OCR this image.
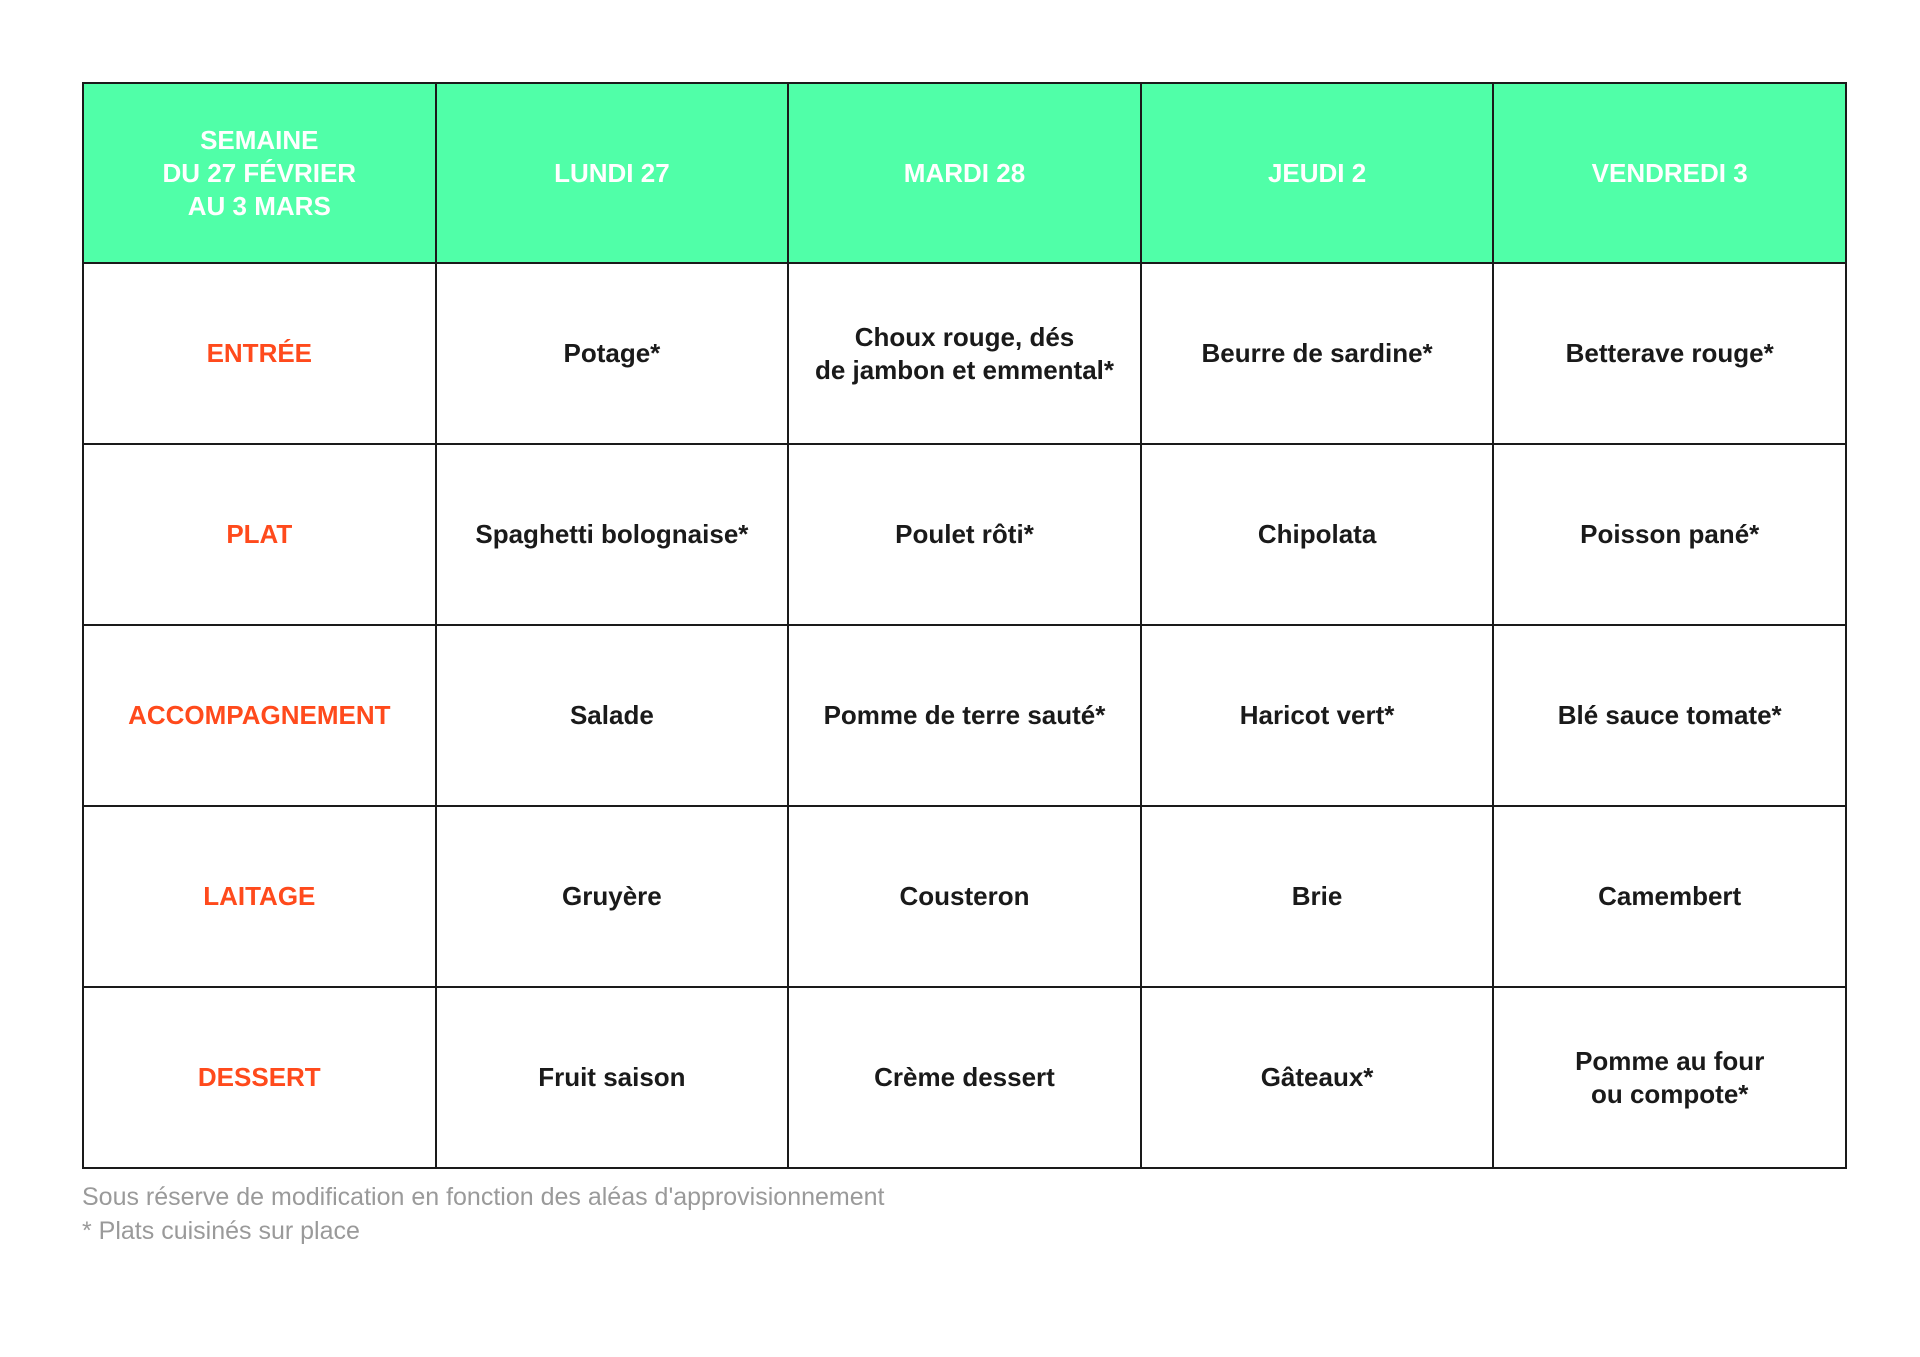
SEMAINE
DU 27 FÉVRIER
AU 3 MARS	LUNDI 27	MARDI 28	JEUDI 2	VENDREDI 3
ENTRÉE	Potage*	Choux rouge, dés
de jambon et emmental*	Beurre de sardine*	Betterave rouge*
PLAT	Spaghetti bolognaise*	Poulet rôti*	Chipolata	Poisson pané*
ACCOMPAGNEMENT	Salade	Pomme de terre sauté*	Haricot vert*	Blé sauce tomate*
LAITAGE	Gruyère	Cousteron	Brie	Camembert
DESSERT	Fruit saison	Crème dessert	Gâteaux*	Pomme au four
ou compote*
Sous réserve de modification en fonction des aléas d'approvisionnement
* Plats cuisinés sur place
